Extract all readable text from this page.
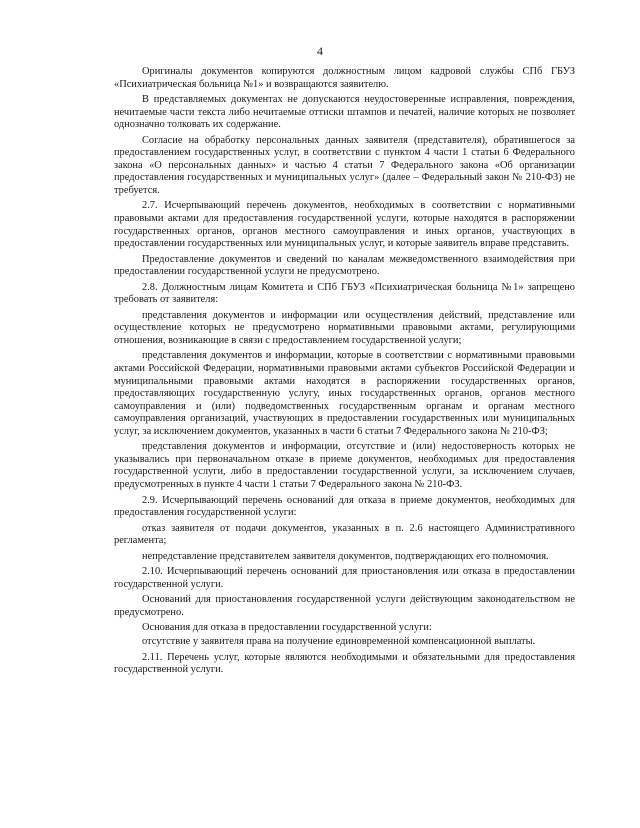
4

Оригиналы документов копируются должностным лицом кадровой службы СПб ГБУЗ «Психиатрическая больница №1» и возвращаются заявителю.

В представляемых документах не допускаются неудостоверенные исправления, повреждения, нечитаемые части текста либо нечитаемые оттиски штампов и печатей, наличие которых не позволяет однозначно толковать их содержание.

Согласие на обработку персональных данных заявителя (представителя), обратившегося за предоставлением государственных услуг, в соответствии с пунктом 4 части 1 статьи 6 Федерального закона «О персональных данных» и частью 4 статьи 7 Федерального закона «Об организации предоставления государственных и муниципальных услуг» (далее – Федеральный закон № 210-ФЗ) не требуется.

2.7. Исчерпывающий перечень документов, необходимых в соответствии с нормативными правовыми актами для предоставления государственной услуги, которые находятся в распоряжении государственных органов, органов местного самоуправления и иных органов, участвующих в предоставлении государственных или муниципальных услуг, и которые заявитель вправе представить.

Предоставление документов и сведений по каналам межведомственного взаимодействия при предоставлении государственной услуги не предусмотрено.

2.8. Должностным лицам Комитета и СПб ГБУЗ «Психиатрическая больница №1» запрещено требовать от заявителя:

представления документов и информации или осуществления действий, представление или осуществление которых не предусмотрено нормативными правовыми актами, регулирующими отношения, возникающие в связи с предоставлением государственной услуги;

представления документов и информации, которые в соответствии с нормативными правовыми актами Российской Федерации, нормативными правовыми актами субъектов Российской Федерации и муниципальными правовыми актами находятся в распоряжении государственных органов, предоставляющих государственную услугу, иных государственных органов, органов местного самоуправления и (или) подведомственных государственным органам и органам местного самоуправления организаций, участвующих в предоставлении государственных или муниципальных услуг, за исключением документов, указанных в части 6 статьи 7 Федерального закона № 210-ФЗ;

представления документов и информации, отсутствие и (или) недостоверность которых не указывались при первоначальном отказе в приеме документов, необходимых для предоставления государственной услуги, либо в предоставлении государственной услуги, за исключением случаев, предусмотренных в пункте 4 части 1 статьи 7 Федерального закона № 210-ФЗ.

2.9. Исчерпывающий перечень оснований для отказа в приеме документов, необходимых для предоставления государственной услуги:

отказ заявителя от подачи документов, указанных в п. 2.6 настоящего Административного регламента;

непредставление представителем заявителя документов, подтверждающих его полномочия.

2.10. Исчерпывающий перечень оснований для приостановления или отказа в предоставлении государственной услуги.

Оснований для приостановления государственной услуги действующим законодательством не предусмотрено.

Основания для отказа в предоставлении государственной услуги:

отсутствие у заявителя права на получение единовременной компенсационной выплаты.

2.11. Перечень услуг, которые являются необходимыми и обязательными для предоставления государственной услуги.
